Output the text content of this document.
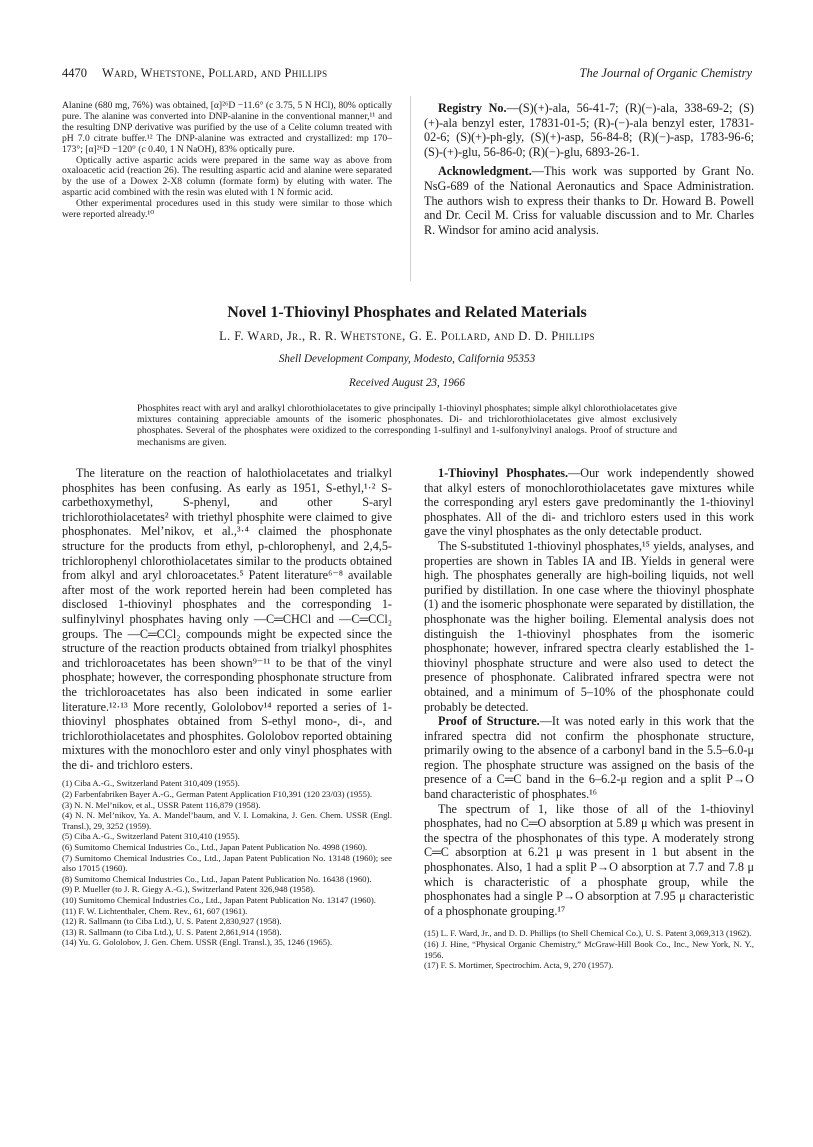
4470 Ward, Whetstone, Pollard, and Phillips	The Journal of Organic Chemistry

Alanine (680 mg, 76%) was obtained, [α]²⁶D −11.6° (c 3.75, 5 N HCl), 80% optically pure. The alanine was converted into DNP-alanine in the conventional manner,¹¹ and the resulting DNP derivative was purified by the use of a Celite column treated with pH 7.0 citrate buffer.¹² The DNP-alanine was extracted and crystallized: mp 170–173°; [α]²⁶D −120° (c 0.40, 1 N NaOH), 83% optically pure.

Optically active aspartic acids were prepared in the same way as above from oxaloacetic acid (reaction 26). The resulting aspartic acid and alanine were separated by the use of a Dowex 2-X8 column (formate form) by eluting with water. The aspartic acid combined with the resin was eluted with 1 N formic acid.

Other experimental procedures used in this study were similar to those which were reported already.¹⁰

Registry No.—(S)(+)-ala, 56-41-7; (R)(−)-ala, 338-69-2; (S)(+)-ala benzyl ester, 17831-01-5; (R)-(−)-ala benzyl ester, 17831-02-6; (S)(+)-ph-gly, (S)(+)-asp, 56-84-8; (R)(−)-asp, 1783-96-6; (S)-(+)-glu, 56-86-0; (R)(−)-glu, 6893-26-1.

Acknowledgment.—This work was supported by Grant No. NsG-689 of the National Aeronautics and Space Administration. The authors wish to express their thanks to Dr. Howard B. Powell and Dr. Cecil M. Criss for valuable discussion and to Mr. Charles R. Windsor for amino acid analysis.

Novel 1-Thiovinyl Phosphates and Related Materials
L. F. Ward, Jr., R. R. Whetstone, G. E. Pollard, and D. D. Phillips
Shell Development Company, Modesto, California 95353
Received August 23, 1966
Phosphites react with aryl and aralkyl chlorothiolacetates to give principally 1-thiovinyl phosphates; simple alkyl chlorothiolacetates give mixtures containing appreciable amounts of the isomeric phosphonates. Di- and trichlorothiolacetates give almost exclusively phosphates. Several of the phosphates were oxidized to the corresponding 1-sulfinyl and 1-sulfonylvinyl analogs. Proof of structure and mechanisms are given.

The literature on the reaction of halothiolacetates and trialkyl phosphites has been confusing. As early as 1951, S-ethyl,¹·² S-carbethoxymethyl, S-phenyl, and other S-aryl trichlorothiolacetates² with triethyl phosphite were claimed to give phosphonates. Mel’nikov, et al.,³·⁴ claimed the phosphonate structure for the products from ethyl, p-chlorophenyl, and 2,4,5-trichlorophenyl chlorothiolacetates similar to the products obtained from alkyl and aryl chloroacetates.⁵ Patent literature⁶⁻⁸ available after most of the work reported herein had been completed has disclosed 1-thiovinyl phosphates and the corresponding 1-sulfinylvinyl phosphates having only —C═CHCl and —C═CCl₂ groups. The —C═CCl₂ compounds might be expected since the structure of the reaction products obtained from trialkyl phosphites and trichloroacetates has been shown⁹⁻¹¹ to be that of the vinyl phosphate; however, the corresponding phosphonate structure from the trichloroacetates has also been indicated in some earlier literature.¹²·¹³ More recently, Gololobov¹⁴ reported a series of 1-thiovinyl phosphates obtained from S-ethyl mono-, di-, and trichlorothiolacetates and phosphites. Gololobov reported obtaining mixtures with the monochloro ester and only vinyl phosphates with the di- and trichloro esters.

(1) Ciba A.-G., Switzerland Patent 310,409 (1955).

(2) Farbenfabriken Bayer A.-G., German Patent Application F10,391 (120 23/03) (1955).

(3) N. N. Mel’nikov, et al., USSR Patent 116,879 (1958).

(4) N. N. Mel’nikov, Ya. A. Mandel’baum, and V. I. Lomakina, J. Gen. Chem. USSR (Engl. Transl.), 29, 3252 (1959).

(5) Ciba A.-G., Switzerland Patent 310,410 (1955).

(6) Sumitomo Chemical Industries Co., Ltd., Japan Patent Publication No. 4998 (1960).

(7) Sumitomo Chemical Industries Co., Ltd., Japan Patent Publication No. 13148 (1960); see also 17015 (1960).

(8) Sumitomo Chemical Industries Co., Ltd., Japan Patent Publication No. 16438 (1960).

(9) P. Mueller (to J. R. Giegy A.-G.), Switzerland Patent 326,948 (1958).

(10) Sumitomo Chemical Industries Co., Ltd., Japan Patent Publication No. 13147 (1960).

(11) F. W. Lichtenthaler, Chem. Rev., 61, 607 (1961).

(12) R. Sallmann (to Ciba Ltd.), U. S. Patent 2,830,927 (1958).

(13) R. Sallmann (to Ciba Ltd.), U. S. Patent 2,861,914 (1958).

(14) Yu. G. Gololobov, J. Gen. Chem. USSR (Engl. Transl.), 35, 1246 (1965).

1-Thiovinyl Phosphates.—Our work independently showed that alkyl esters of monochlorothiolacetates gave mixtures while the corresponding aryl esters gave predominantly the 1-thiovinyl phosphates. All of the di- and trichloro esters used in this work gave the vinyl phosphates as the only detectable product.

The S-substituted 1-thiovinyl phosphates,¹⁵ yields, analyses, and properties are shown in Tables IA and IB. Yields in general were high. The phosphates generally are high-boiling liquids, not well purified by distillation. In one case where the thiovinyl phosphate (1) and the isomeric phosphonate were separated by distillation, the phosphonate was the higher boiling. Elemental analysis does not distinguish the 1-thiovinyl phosphates from the isomeric phosphonate; however, infrared spectra clearly established the 1-thiovinyl phosphate structure and were also used to detect the presence of phosphonate. Calibrated infrared spectra were not obtained, and a minimum of 5–10% of the phosphonate could probably be detected.

Proof of Structure.—It was noted early in this work that the infrared spectra did not confirm the phosphonate structure, primarily owing to the absence of a carbonyl band in the 5.5–6.0-μ region. The phosphate structure was assigned on the basis of the presence of a C═C band in the 6–6.2-μ region and a split P→O band characteristic of phosphates.¹⁶

The spectrum of 1, like those of all of the 1-thiovinyl phosphates, had no C═O absorption at 5.89 μ which was present in the spectra of the phosphonates of this type. A moderately strong C═C absorption at 6.21 μ was present in 1 but absent in the phosphonates. Also, 1 had a split P→O absorption at 7.7 and 7.8 μ which is characteristic of a phosphate group, while the phosphonates had a single P→O absorption at 7.95 μ characteristic of a phosphonate grouping.¹⁷

(15) L. F. Ward, Jr., and D. D. Phillips (to Shell Chemical Co.), U. S. Patent 3,069,313 (1962).

(16) J. Hine, “Physical Organic Chemistry,” McGraw-Hill Book Co., Inc., New York, N. Y., 1956.

(17) F. S. Mortimer, Spectrochim. Acta, 9, 270 (1957).
